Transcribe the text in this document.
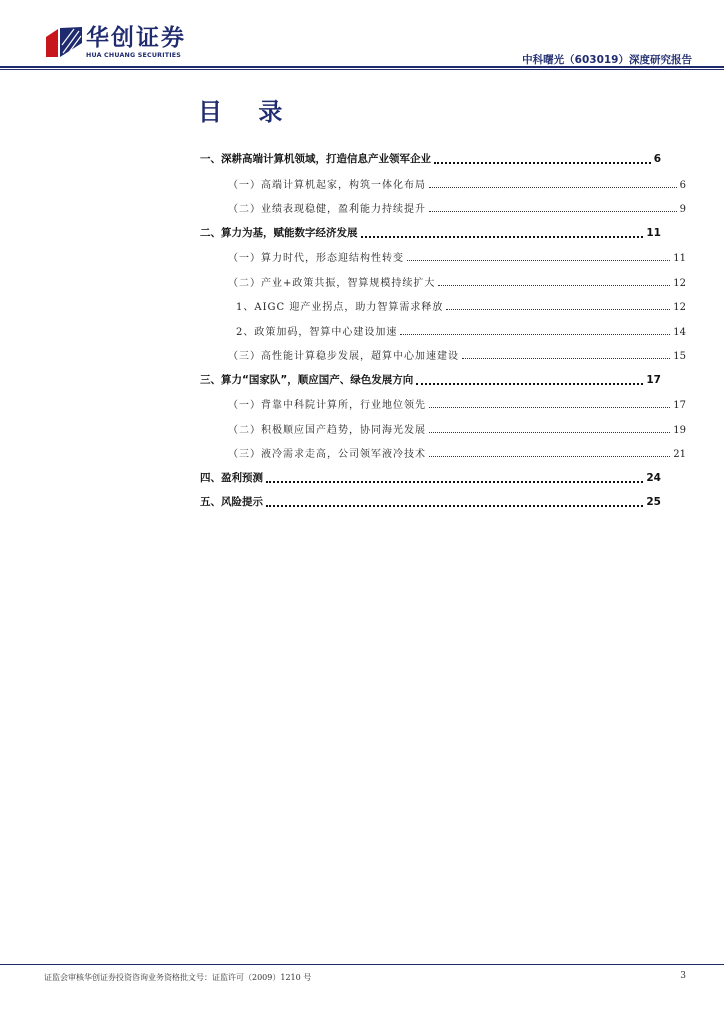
华创证券
HUA CHUANG SECURITIES	中科曙光（603019）深度研究报告
目 录
一、深耕高端计算机领域，打造信息产业领军企业	6
（一）高端计算机起家，构筑一体化布局	6
（二）业绩表现稳健，盈利能力持续提升	9
二、算力为基，赋能数字经济发展	11
（一）算力时代，形态迎结构性转变	11
（二）产业+政策共振，智算规模持续扩大	12
1、AIGC 迎产业拐点，助力智算需求释放	12
2、政策加码，智算中心建设加速	14
（三）高性能计算稳步发展，超算中心加速建设	15
三、算力“国家队”，顺应国产、绿色发展方向	17
（一）背靠中科院计算所，行业地位领先	17
（二）积极顺应国产趋势，协同海光发展	19
（三）液冷需求走高，公司领军液冷技术	21
四、盈利预测	24
五、风险提示	25
证监会审核华创证券投资咨询业务资格批文号：证监许可（2009）1210 号	3
